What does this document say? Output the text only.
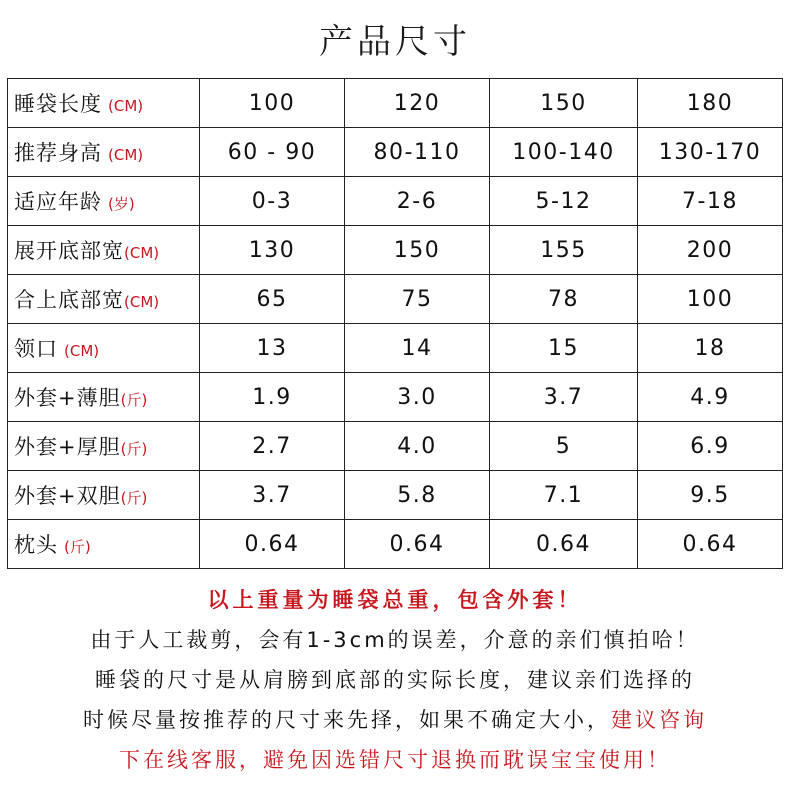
产品尺寸
睡袋长度 (CM)	100	120	150	180
推荐身高 (CM)	60 - 90	80-110	100-140	130-170
适应年龄 (岁)	0-3	2-6	5-12	7-18
展开底部宽(CM)	130	150	155	200
合上底部宽(CM)	65	75	78	100
领口 (CM)	13	14	15	18
外套+薄胆(斤)	1.9	3.0	3.7	4.9
外套+厚胆(斤)	2.7	4.0	5	6.9
外套+双胆(斤)	3.7	5.8	7.1	9.5
枕头 (斤)	0.64	0.64	0.64	0.64
以上重量为睡袋总重，包含外套！
由于人工裁剪，会有1-3cm的误差，介意的亲们慎拍哈！
睡袋的尺寸是从肩膀到底部的实际长度，建议亲们选择的
时候尽量按推荐的尺寸来先择，如果不确定大小，建议咨询
下在线客服，避免因选错尺寸退换而耽误宝宝使用！
